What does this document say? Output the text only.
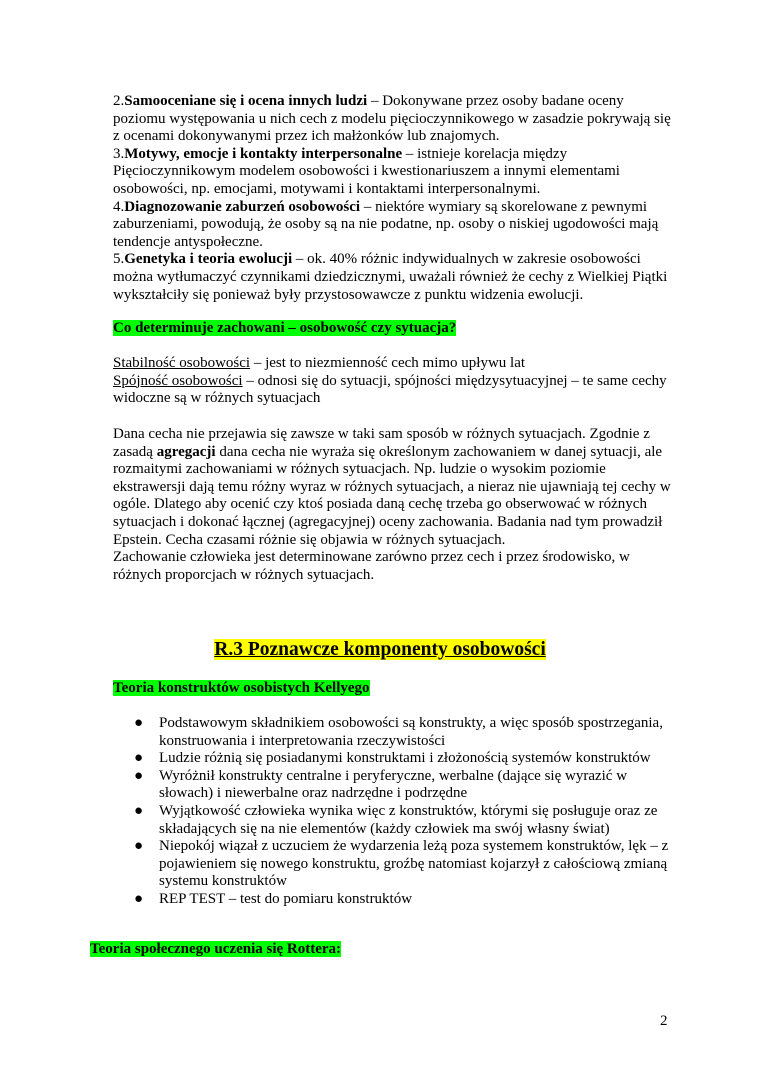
2.Samooceniane się i ocena innych ludzi – Dokonywane przez osoby badane oceny poziomu występowania u nich cech z modelu pięcioczynnikowego w zasadzie pokrywają się z ocenami dokonywanymi przez ich małżonków lub znajomych.

3.Motywy, emocje i kontakty interpersonalne – istnieje korelacja między Pięcioczynnikowym modelem osobowości i kwestionariuszem a innymi elementami osobowości, np. emocjami, motywami i kontaktami interpersonalnymi.

4.Diagnozowanie zaburzeń osobowości – niektóre wymiary są skorelowane z pewnymi zaburzeniami, powodują, że osoby są na nie podatne, np. osoby o niskiej ugodowości mają tendencje antyspołeczne.

5.Genetyka i teoria ewolucji – ok. 40% różnic indywidualnych w zakresie osobowości można wytłumaczyć czynnikami dziedzicznymi, uważali również że cechy z Wielkiej Piątki wykształciły się ponieważ były przystosowawcze z punktu widzenia ewolucji.

Co determinuje zachowani – osobowość czy sytuacja?

Stabilność osobowości – jest to niezmienność cech mimo upływu lat

Spójność osobowości – odnosi się do sytuacji, spójności międzysytuacyjnej – te same cechy widoczne są w różnych sytuacjach

Dana cecha nie przejawia się zawsze w taki sam sposób w różnych sytuacjach. Zgodnie z zasadą agregacji dana cecha nie wyraża się określonym zachowaniem w danej sytuacji, ale rozmaitymi zachowaniami w różnych sytuacjach. Np. ludzie o wysokim poziomie ekstrawersji dają temu różny wyraz w różnych sytuacjach, a nieraz nie ujawniają tej cechy w ogóle. Dlatego aby ocenić czy ktoś posiada daną cechę trzeba go obserwować w różnych sytuacjach i dokonać łącznej (agregacyjnej) oceny zachowania. Badania nad tym prowadził Epstein. Cecha czasami różnie się objawia w różnych sytuacjach.

Zachowanie człowieka jest determinowane zarówno przez cech i przez środowisko, w różnych proporcjach w różnych sytuacjach.

R.3 Poznawcze komponenty osobowości
Teoria konstruktów osobistych Kellyego
● Podstawowym składnikiem osobowości są konstrukty, a więc sposób spostrzegania, konstruowania i interpretowania rzeczywistości
● Ludzie różnią się posiadanymi konstruktami i złożonością systemów konstruktów
● Wyróżnił konstrukty centralne i peryferyczne, werbalne (dające się wyrazić w słowach) i niewerbalne oraz nadrzędne i podrzędne
● Wyjątkowość człowieka wynika więc z konstruktów, którymi się posługuje oraz ze składających się na nie elementów (każdy człowiek ma swój własny świat)
● Niepokój wiązał z uczuciem że wydarzenia leżą poza systemem konstruktów, lęk – z pojawieniem się nowego konstruktu, groźbę natomiast kojarzył z całościową zmianą systemu konstruktów
● REP TEST – test do pomiaru konstruktów
Teoria społecznego uczenia się Rottera:
2
